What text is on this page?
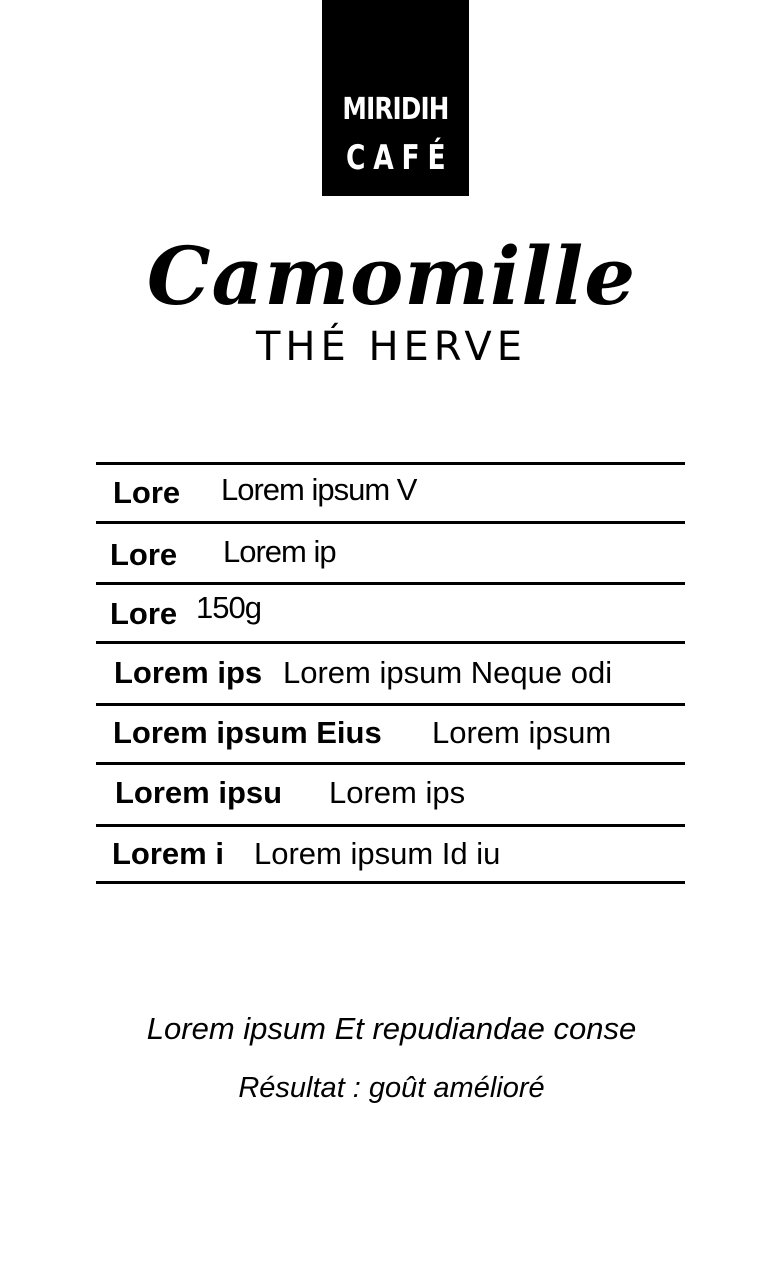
MIRIDIH
CAFÉ
Camomille
THÉ HERVE
Lore Lorem ipsum V
Lore Lorem ip
Lore 150g
Lorem ips Lorem ipsum Neque odi
Lorem ipsum Eius Lorem ipsum
Lorem ipsu Lorem ips
Lorem i Lorem ipsum Id iu
Lorem ipsum Et repudiandae conse
Résultat : goût amélioré
